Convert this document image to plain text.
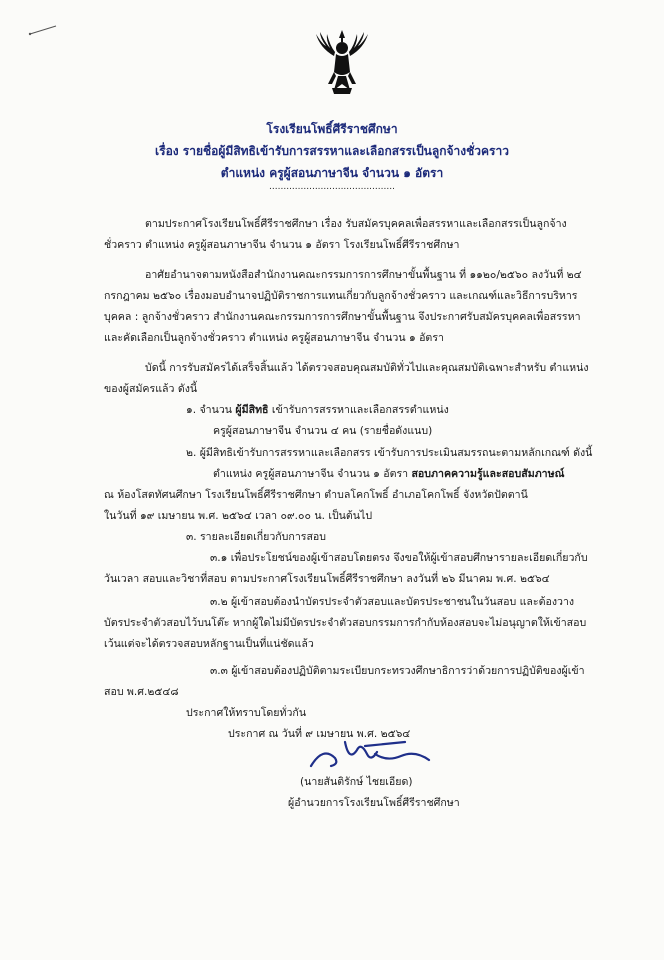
โรงเรียนโพธิ์ศีรีราชศึกษา
เรื่อง รายชื่อผู้มีสิทธิเข้ารับการสรรหาและเลือกสรรเป็นลูกจ้างชั่วคราว
ตำแหน่ง ครูผู้สอนภาษาจีน จำนวน ๑ อัตรา
............................................
ตามประกาศโรงเรียนโพธิ์ศีรีราชศึกษา เรื่อง รับสมัครบุคคลเพื่อสรรหาและเลือกสรรเป็นลูกจ้าง
ชั่วคราว ตำแหน่ง ครูผู้สอนภาษาจีน จำนวน ๑ อัตรา โรงเรียนโพธิ์ศีรีราชศึกษา
อาศัยอำนาจตามหนังสือสำนักงานคณะกรรมการการศึกษาขั้นพื้นฐาน ที่ ๑๑๒๐/๒๕๖๐ ลงวันที่ ๒๔
กรกฎาคม ๒๕๖๐ เรื่องมอบอำนาจปฏิบัติราชการแทนเกี่ยวกับลูกจ้างชั่วคราว และเกณฑ์และวิธีการบริหาร
บุคคล : ลูกจ้างชั่วคราว สำนักงานคณะกรรมการการศึกษาขั้นพื้นฐาน จึงประกาศรับสมัครบุคคลเพื่อสรรหา
และคัดเลือกเป็นลูกจ้างชั่วคราว ตำแหน่ง ครูผู้สอนภาษาจีน จำนวน ๑ อัตรา
บัดนี้ การรับสมัครได้เสร็จสิ้นแล้ว ได้ตรวจสอบคุณสมบัติทั่วไปและคุณสมบัติเฉพาะสำหรับ ตำแหน่ง
ของผู้สมัครแล้ว ดังนี้
๑. จำนวน ผู้มีสิทธิ เข้ารับการสรรหาและเลือกสรรตำแหน่ง
ครูผู้สอนภาษาจีน จำนวน ๔ คน (รายชื่อดังแนบ)
๒. ผู้มีสิทธิเข้ารับการสรรหาและเลือกสรร เข้ารับการประเมินสมรรถนะตามหลักเกณฑ์ ดังนี้
ตำแหน่ง ครูผู้สอนภาษาจีน จำนวน ๑ อัตรา สอบภาคความรู้และสอบสัมภาษณ์
ณ ห้องโสตทัศนศึกษา โรงเรียนโพธิ์ศีรีราชศึกษา ตำบลโคกโพธิ์ อำเภอโคกโพธิ์ จังหวัดปัตตานี
ในวันที่ ๑๙ เมษายน พ.ศ. ๒๕๖๔ เวลา ๐๙.๐๐ น. เป็นต้นไป
๓. รายละเอียดเกี่ยวกับการสอบ
๓.๑ เพื่อประโยชน์ของผู้เข้าสอบโดยตรง จึงขอให้ผู้เข้าสอบศึกษารายละเอียดเกี่ยวกับ
วันเวลา สอบและวิชาที่สอบ ตามประกาศโรงเรียนโพธิ์ศีรีราชศึกษา ลงวันที่ ๒๖ มีนาคม พ.ศ. ๒๕๖๔
๓.๒ ผู้เข้าสอบต้องนำบัตรประจำตัวสอบและบัตรประชาชนในวันสอบ และต้องวาง
บัตรประจำตัวสอบไว้บนโต๊ะ หากผู้ใดไม่มีบัตรประจำตัวสอบกรรมการกำกับห้องสอบจะไม่อนุญาตให้เข้าสอบ
เว้นแต่จะได้ตรวจสอบหลักฐานเป็นที่แน่ชัดแล้ว
๓.๓ ผู้เข้าสอบต้องปฏิบัติตามระเบียบกระทรวงศึกษาธิการว่าด้วยการปฏิบัติของผู้เข้า
สอบ พ.ศ.๒๕๔๘
ประกาศให้ทราบโดยทั่วกัน
ประกาศ ณ วันที่ ๙ เมษายน พ.ศ. ๒๕๖๔
(นายสันติรักษ์ ไชยเอียด)
ผู้อำนวยการโรงเรียนโพธิ์ศีรีราชศึกษา
